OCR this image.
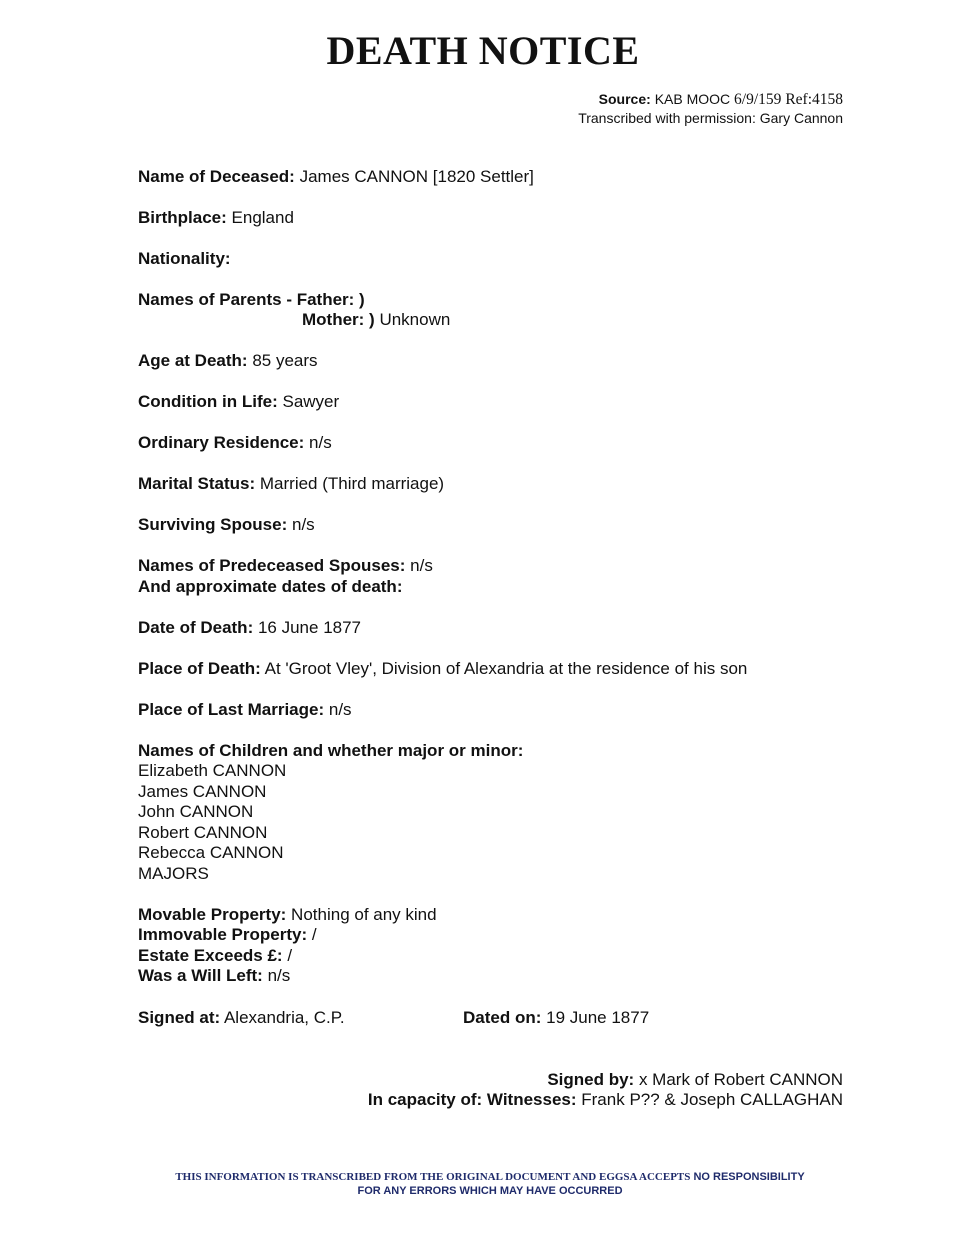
DEATH NOTICE
Source: KAB MOOC 6/9/159 Ref:4158
Transcribed with permission: Gary Cannon
Name of Deceased: James CANNON [1820 Settler]
Birthplace: England
Nationality:
Names of Parents - Father: )
Mother: ) Unknown
Age at Death: 85 years
Condition in Life: Sawyer
Ordinary Residence: n/s
Marital Status: Married (Third marriage)
Surviving Spouse: n/s
Names of Predeceased Spouses: n/s
And approximate dates of death:
Date of Death: 16 June 1877
Place of Death: At 'Groot Vley', Division of Alexandria at the residence of his son
Place of Last Marriage: n/s
Names of Children and whether major or minor:
Elizabeth CANNON
James CANNON
John CANNON
Robert CANNON
Rebecca CANNON
MAJORS
Movable Property: Nothing of any kind
Immovable Property: /
Estate Exceeds £: /
Was a Will Left: n/s
Signed at: Alexandria, C.P.	Dated on: 19 June 1877
Signed by: x Mark of Robert CANNON
In capacity of: Witnesses: Frank P?? & Joseph CALLAGHAN
THIS INFORMATION IS TRANSCRIBED FROM THE ORIGINAL DOCUMENT AND EGGSA ACCEPTS NO RESPONSIBILITY
FOR ANY ERRORS WHICH MAY HAVE OCCURRED
